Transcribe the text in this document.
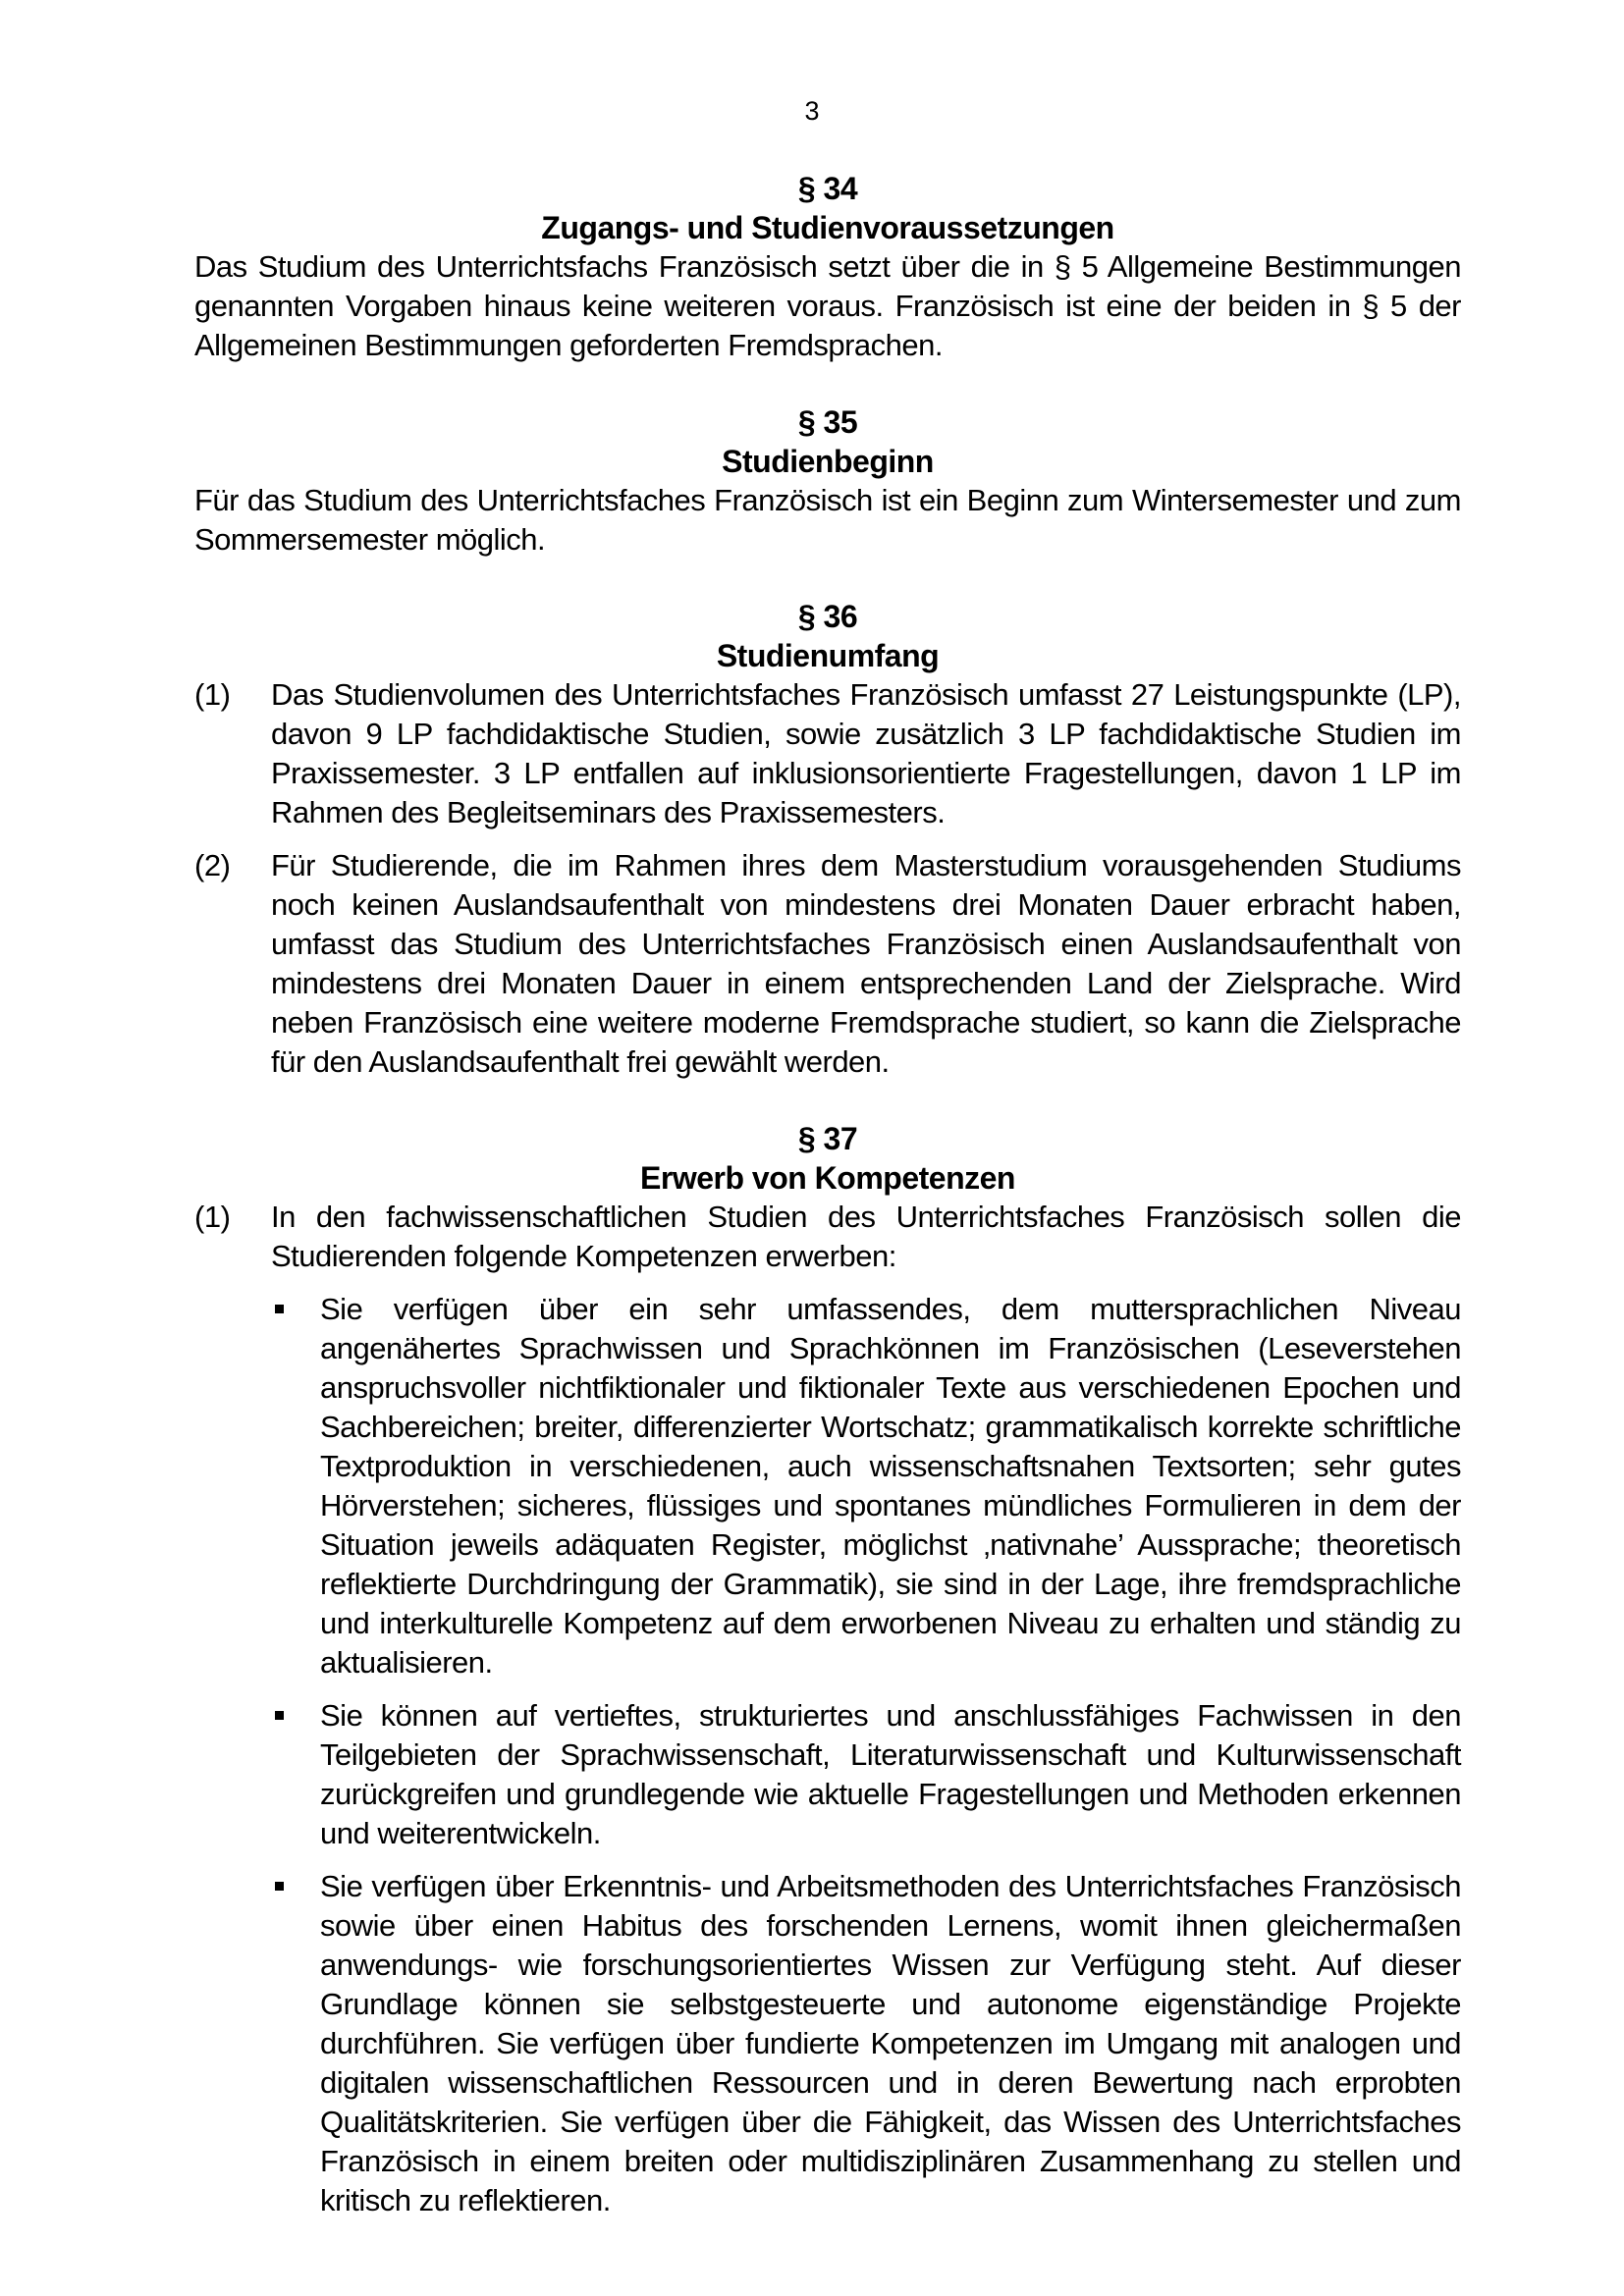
3
§ 34
Zugangs- und Studienvoraussetzungen

Das Studium des Unterrichtsfachs Französisch setzt über die in § 5 Allgemeine Bestimmungen genannten Vorgaben hinaus keine weiteren voraus. Französisch ist eine der beiden in § 5 der Allgemeinen Bestimmungen geforderten Fremdsprachen.

§ 35
Studienbeginn

Für das Studium des Unterrichtsfaches Französisch ist ein Beginn zum Wintersemester und zum Sommersemester möglich.

§ 36
Studienumfang
(1)	Das Studienvolumen des Unterrichtsfaches Französisch umfasst 27 Leistungspunkte (LP), davon 9 LP fachdidaktische Studien, sowie zusätzlich 3 LP fachdidaktische Studien im Praxissemester. 3 LP entfallen auf inklusionsorientierte Fragestellungen, davon 1 LP im Rahmen des Begleitseminars des Praxissemesters.
(2)	Für Studierende, die im Rahmen ihres dem Masterstudium vorausgehenden Studiums noch keinen Auslandsaufenthalt von mindestens drei Monaten Dauer erbracht haben, umfasst das Studium des Unterrichtsfaches Französisch einen Auslandsaufenthalt von mindestens drei Monaten Dauer in einem entsprechenden Land der Zielsprache. Wird neben Französisch eine weitere moderne Fremdsprache studiert, so kann die Zielsprache für den Auslandsaufenthalt frei gewählt werden.
§ 37
Erwerb von Kompetenzen
(1)	In den fachwissenschaftlichen Studien des Unterrichtsfaches Französisch sollen die Studierenden folgende Kompetenzen erwerben:
Sie verfügen über ein sehr umfassendes, dem muttersprachlichen Niveau angenähertes Sprachwissen und Sprachkönnen im Französischen (Leseverstehen anspruchsvoller nichtfiktionaler und fiktionaler Texte aus verschiedenen Epochen und Sachbereichen; breiter, differenzierter Wortschatz; grammatikalisch korrekte schriftliche Textproduktion in verschiedenen, auch wissenschaftsnahen Textsorten; sehr gutes Hörverstehen; sicheres, flüssiges und spontanes mündliches Formulieren in dem der Situation jeweils adäquaten Register, möglichst ‚nativnahe’ Aussprache; theoretisch reflektierte Durchdringung der Grammatik), sie sind in der Lage, ihre fremdsprachliche und interkulturelle Kompetenz auf dem erworbenen Niveau zu erhalten und ständig zu aktualisieren.
Sie können auf vertieftes, strukturiertes und anschlussfähiges Fachwissen in den Teilgebieten der Sprachwissenschaft, Literaturwissenschaft und Kulturwissenschaft zurückgreifen und grundlegende wie aktuelle Fragestellungen und Methoden erkennen und weiterentwickeln.
Sie verfügen über Erkenntnis- und Arbeitsmethoden des Unterrichtsfaches Französisch sowie über einen Habitus des forschenden Lernens, womit ihnen gleichermaßen anwendungs- wie forschungsorientiertes Wissen zur Verfügung steht. Auf dieser Grundlage können sie selbstgesteuerte und autonome eigenständige Projekte durchführen. Sie verfügen über fundierte Kompetenzen im Umgang mit analogen und digitalen wissenschaftlichen Ressourcen und in deren Bewertung nach erprobten Qualitätskriterien. Sie verfügen über die Fähigkeit, das Wissen des Unterrichtsfaches Französisch in einem breiten oder multidisziplinären Zusammenhang zu stellen und kritisch zu reflektieren.
